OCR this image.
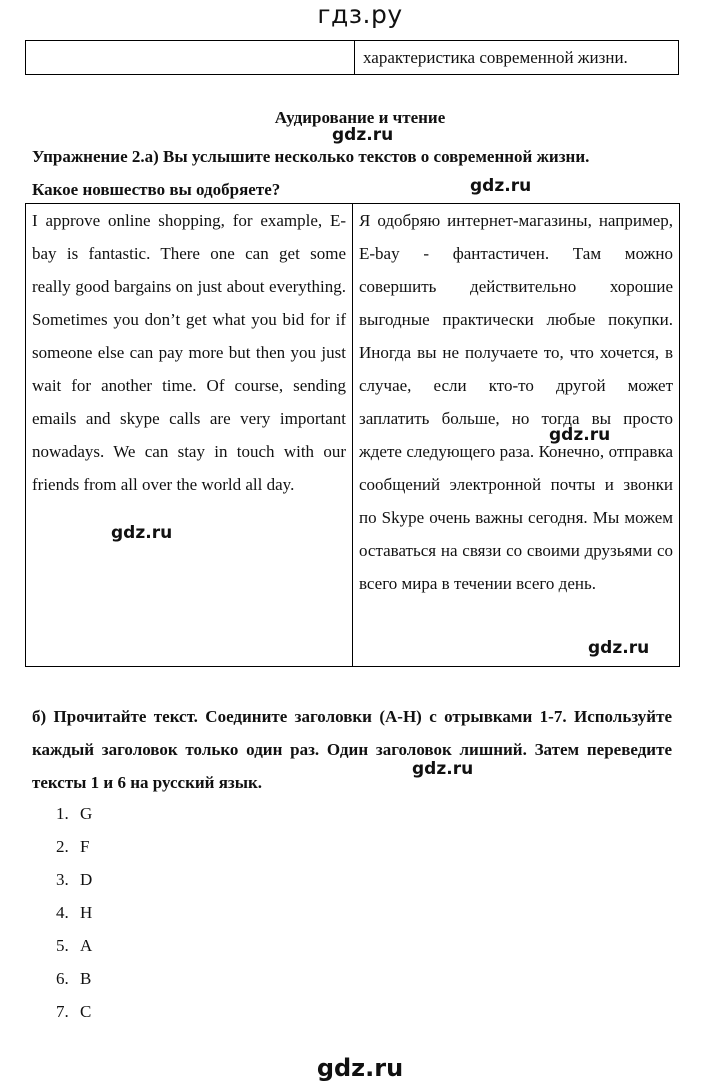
гдз.ру
	характеристика современной жизни.
Аудирование и чтение
gdz.ru
Упражнение 2.а) Вы услышите несколько текстов о современной жизни.
Какое новшество вы одобряете?	gdz.ru
I approve online shopping, for example, E-bay is fantastic. There one can get some really good bargains on just about everything. Sometimes you don’t get what you bid for if someone else can pay more but then you just wait for another time. Of course, sending emails and skype calls are very important nowadays. We can stay in touch with our friends from all over the world all day.	Я одобряю интернет-магазины, например, E-bay - фантастичен. Там можно совершить действительно хорошие выгодные практически любые покупки. Иногда вы не получаете то, что хочется, в случае, если кто-то другой может заплатить больше, но тогда вы просто ждете следующего раза. Конечно, отправка сообщений электронной почты и звонки по Skype очень важны сегодня. Мы можем оставаться на связи со своими друзьями со всего мира в течении всего день.
gdz.ru
gdz.ru
gdz.ru
б) Прочитайте текст. Соедините заголовки (A-H) с отрывками 1-7. Используйте каждый заголовок только один раз. Один заголовок лишний. Затем переведите тексты 1 и 6 на русский язык.
gdz.ru
1. G
2. F
3. D
4. H
5. A
6. B
7. C
gdz.ru
